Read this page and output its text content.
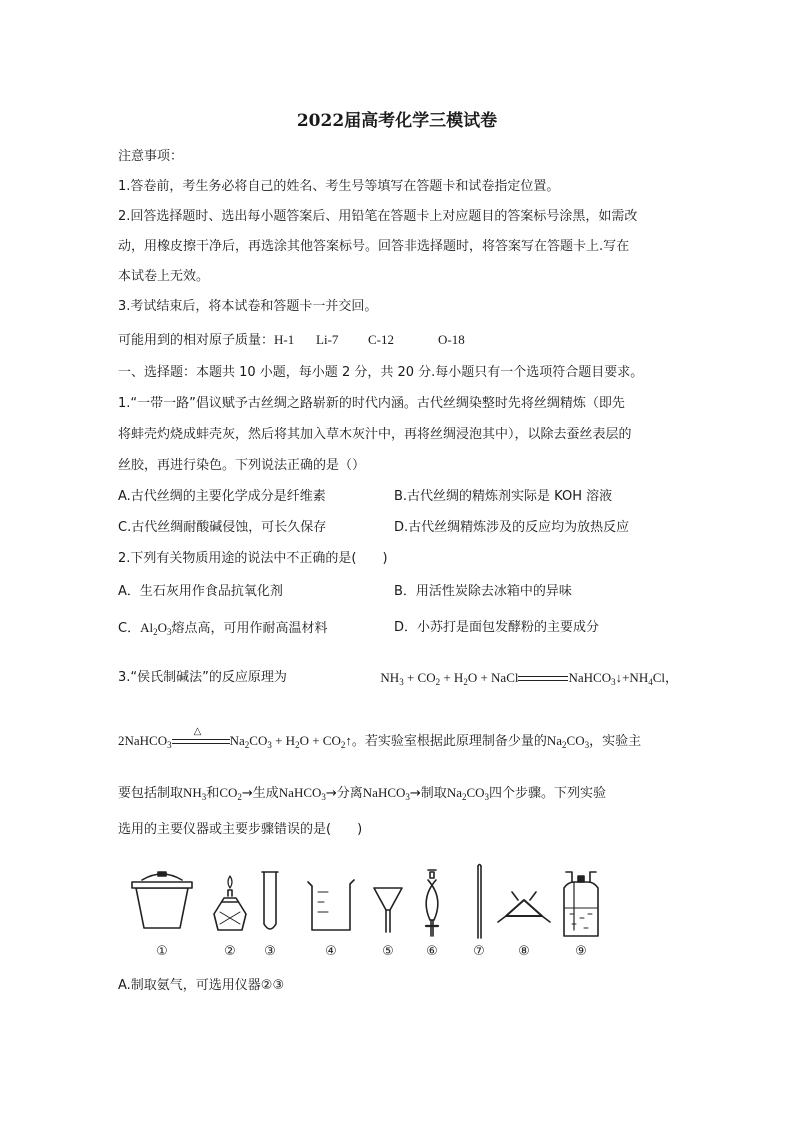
2022届高考化学三模试卷
注意事项：
1.答卷前，考生务必将自己的姓名、考生号等填写在答题卡和试卷指定位置。
2.回答选择题时、选出每小题答案后、用铅笔在答题卡上对应题目的答案标号涂黑，如需改
动，用橡皮擦干净后，再选涂其他答案标号。回答非选择题时，将答案写在答题卡上.写在
本试卷上无效。
3.考试结束后，将本试卷和答题卡一并交回。
可能用到的相对原子质量：H-1 Li-7 C-12	O-18
一、选择题：本题共 10 小题，每小题 2 分，共 20 分.每小题只有一个选项符合题目要求。
1.“一带一路”倡议赋予古丝绸之路崭新的时代内涵。古代丝绸染整时先将丝绸精炼（即先
将蚌壳灼烧成蚌壳灰，然后将其加入草木灰汁中，再将丝绸浸泡其中），以除去蚕丝表层的
丝胶，再进行染色。下列说法正确的是（）
A.古代丝绸的主要化学成分是纤维素	B.古代丝绸的精炼剂实际是 KOH 溶液
C.古代丝绸耐酸碱侵蚀，可长久保存	D.古代丝绸精炼涉及的反应均为放热反应
2.下列有关物质用途的说法中不正确的是( )
A．生石灰用作食品抗氧化剂	B．用活性炭除去冰箱中的异味
C．$Al_2O_3$熔点高，可用作耐高温材料	D．小苏打是面包发酵粉的主要成分
3.“侯氏制碱法”的反应原理为	$NH_3 + CO_2 + H_2O$ + NaCl	$NaHCO_3↓+NH_4Cl$，
2NaHCO$_3$
△
$Na_2CO_3 + H_2O$ + $CO_2↑$。若实验室根据此原理制备少量的$Na_2CO_3$，实验主
要包括制取$NH_3$和$CO_2\to$生成NaHCO$_3$→分离NaHCO$_3$→制取$Na_2CO_3$四个步骤。下列实验
选用的主要仪器或主要步骤错误的是( )
①	② ③	④	⑤ ⑥	⑦	⑧	⑨
A.制取氨气，可选用仪器②③
